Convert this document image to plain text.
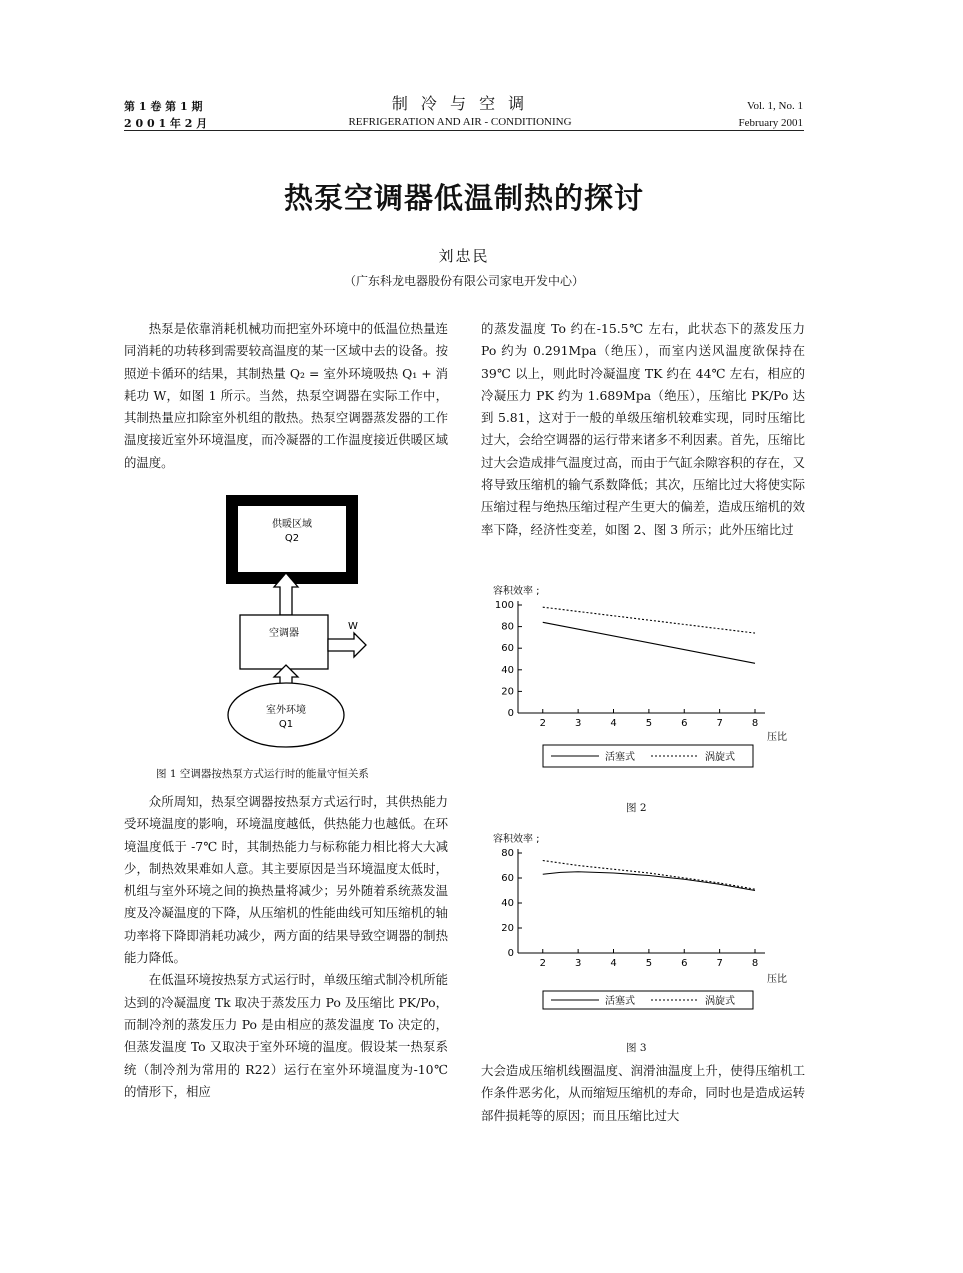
第 1 卷 第 1 期
2 0 0 1 年 2 月
制 冷 与 空 调
REFRIGERATION AND AIR - CONDITIONING
Vol. 1, No. 1
February 2001
热泵空调器低温制热的探讨
刘忠民
（广东科龙电器股份有限公司家电开发中心）

热泵是依靠消耗机械功而把室外环境中的低温位热量连同消耗的功转移到需要较高温度的某一区域中去的设备。按照逆卡循环的结果，其制热量 Q₂ = 室外环境吸热 Q₁ + 消耗功 W，如图 1 所示。当然，热泵空调器在实际工作中，其制热量应扣除室外机组的散热。热泵空调器蒸发器的工作温度接近室外环境温度，而冷凝器的工作温度接近供暖区域的温度。

供暖区域
Q2
空调器
W
室外环境
Q1
图 1 空调器按热泵方式运行时的能量守恒关系

众所周知，热泵空调器按热泵方式运行时，其供热能力受环境温度的影响，环境温度越低，供热能力也越低。在环境温度低于 -7℃ 时，其制热能力与标称能力相比将大大减少，制热效果难如人意。其主要原因是当环境温度太低时，机组与室外环境之间的换热量将减少；另外随着系统蒸发温度及冷凝温度的下降，从压缩机的性能曲线可知压缩机的轴功率将下降即消耗功减少，两方面的结果导致空调器的制热能力降低。

在低温环境按热泵方式运行时，单级压缩式制冷机所能达到的冷凝温度 Tk 取决于蒸发压力 Po 及压缩比 PK/Po，而制冷剂的蒸发压力 Po 是由相应的蒸发温度 To 决定的，但蒸发温度 To 又取决于室外环境的温度。假设某一热泵系统（制冷剂为常用的 R22）运行在室外环境温度为-10℃ 的情形下，相应

的蒸发温度 To 约在-15.5℃ 左右，此状态下的蒸发压力 Po 约为 0.291Mpa（绝压），而室内送风温度欲保持在 39℃ 以上，则此时冷凝温度 TK 约在 44℃ 左右，相应的冷凝压力 PK 约为 1.689Mpa（绝压），压缩比 PK/Po 达到 5.81，这对于一般的单级压缩机较难实现，同时压缩比过大，会给空调器的运行带来诸多不利因素。首先，压缩比过大会造成排气温度过高，而由于气缸余隙容积的存在，又将导致压缩机的输气系数降低；其次，压缩比过大将使实际压缩过程与绝热压缩过程产生更大的偏差，造成压缩机的效率下降，经济性变差，如图 2、图 3 所示；此外压缩比过

容积效率 ;
0
20
40
60
80
100
2	3	4	5	6	7	8
压比
活塞式	涡旋式
图 2
容积效率 ;
0
20
40
60
80
2	3	4	5	6	7	8
压比
活塞式	涡旋式
图 3

大会造成压缩机线圈温度、润滑油温度上升，使得压缩机工作条件恶劣化，从而缩短压缩机的寿命，同时也是造成运转部件损耗等的原因；而且压缩比过大
